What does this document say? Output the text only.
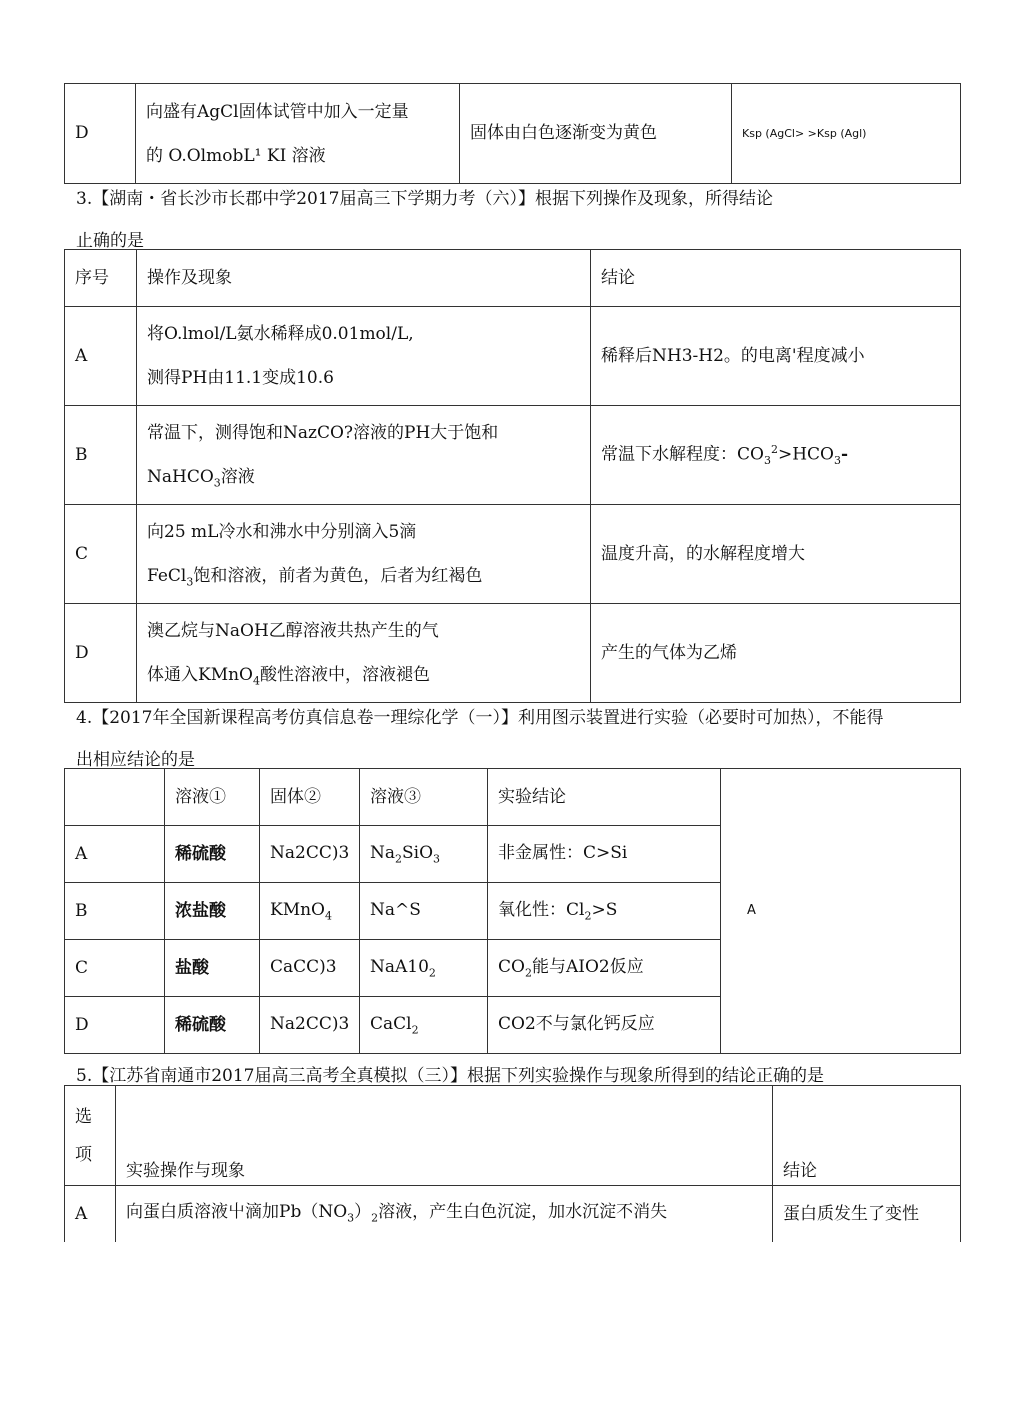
D	
向盛有AgCl固体试管中加入一定量
的 O.OlmobL¹ KI 溶液
	固体由白色逐渐变为黄色	Ksp (AgCl> >Ksp (Agl)
3.【湖南・省长沙市长郡中学2017届高三下学期力考（六）】根据下列操作及现象，所得结论
止确的是
序号	操作及现象	结论
A	将O.lmol/L氨水稀释成0.01mol/L,
测得PH由11.1变成10.6	稀释后NH3-H2。的电离'程度减小
B	常温下，测得饱和NazCO?溶液的PH大于饱和
NaHCO$_3$溶液	常温下水解程度：$CO_3^2>HCO_3-$
C	向25 mL冷水和沸水中分别滴入5滴
FeCl$_3$饱和溶液，前者为黄色，后者为红褐色	温度升高，的水解程度增大
D	澳乙烷与NaOH乙醇溶液共热产生的气
体通入KMnO$_4$酸性溶液中，溶液褪色	产生的气体为乙烯
4.【2017年全国新课程高考仿真信息卷一理综化学（一）】利用图示装置进行实验（必要时可加热），不能得
出相应结论的是
	溶液①	固体②	溶液③	实验结论	A
A	稀硫酸	Na2CC)3	$Na_2SiO_3$	非金属性：C>Si	
B	浓盐酸	KMnO$_4$	Na^S	氧化性：$Cl_2>S$	
C	盐酸	CaCC)3	$NaA10_2$	$CO_2$能与AIO2仮应	
D	稀硫酸	Na2CC)3	CaCl$_2$	CO2不与氯化钙反应	
5.【江苏省南通市2017届高三高考全真模拟（三）】根据下列实验操作与现象所得到的结论正确的是
选
项	实验操作与现象	结论
A	向蛋白质溶液屮滴加$Pb(NO_3)_2$溶液，产生白色沉淀，加水沉淀不消失	蛋白质发生了变性
